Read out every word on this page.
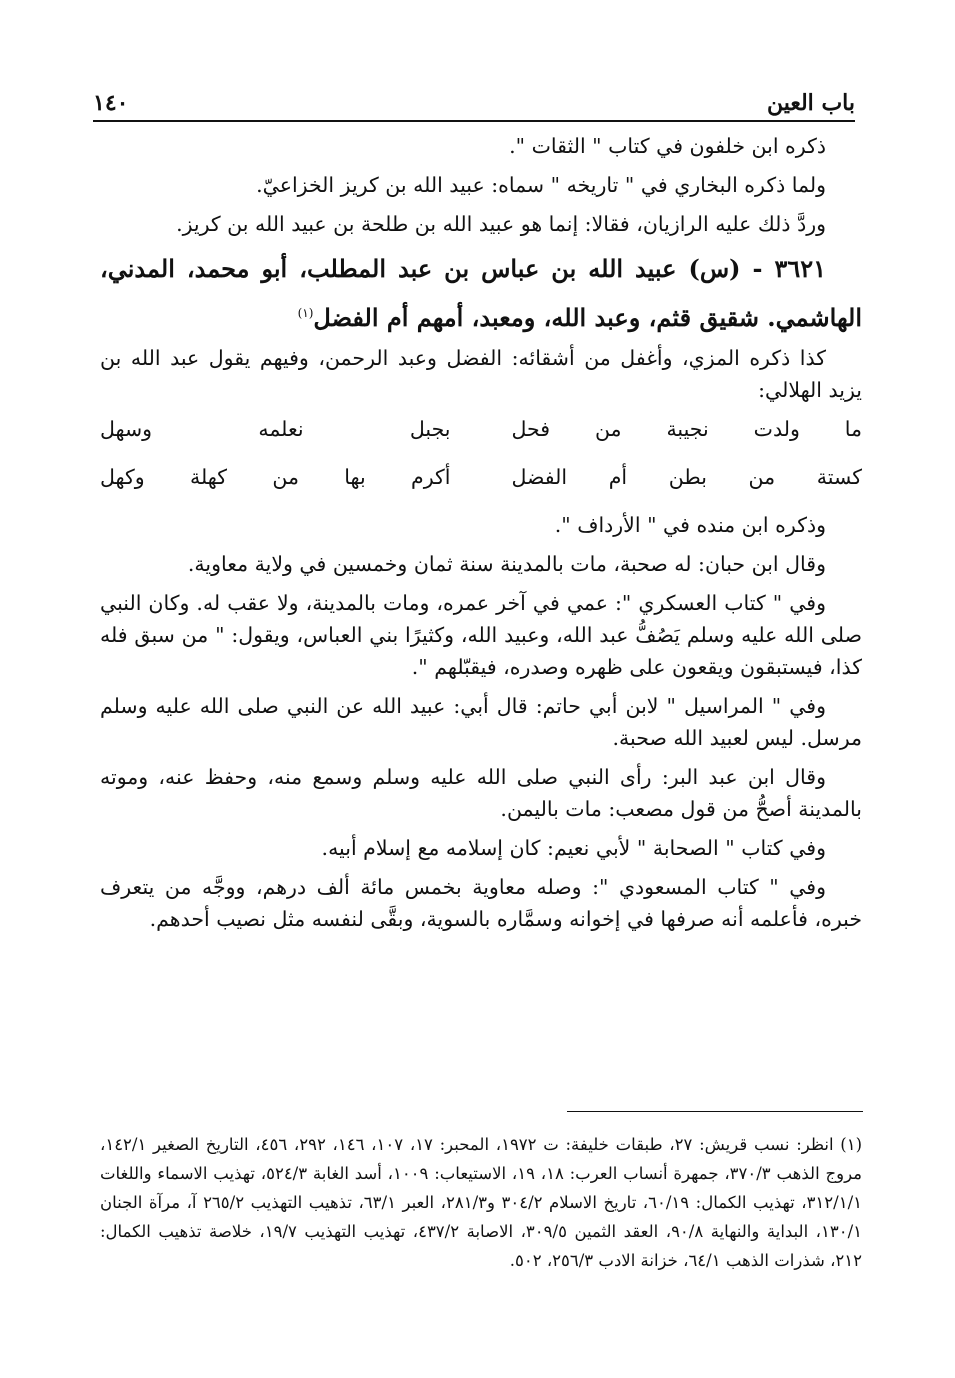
١٤٠	باب العين

ذكره ابن خلفون في كتاب " الثقات ".

ولما ذكره البخاري في " تاريخه " سماه: عبيد الله بن كريز الخزاعيّ.

وردَّ ذلك عليه الرازيان، فقالا: إنما هو عبيد الله بن طلحة بن عبيد الله بن كريز.

٣٦٢١ - (س) عبيد الله بن عباس بن عبد المطلب، أبو محمد، المدني، الهاشمي. شقيق قثم، وعبد الله، ومعبد، أمهم أم الفضل$^{(١)}$

كذا ذكره المزي، وأغفل من أشقائه: الفضل وعبد الرحمن، وفيهم يقول عبد الله بن يزيد الهلالي:

ما ولدت نجيبة من فحل
بجبل نعلمه وسهل
كستة من بطن أم الفضل
أكرم بها من كهلة وكهل

وذكره ابن منده في " الأرداف ".

وقال ابن حبان: له صحبة، مات بالمدينة سنة ثمان وخمسين في ولاية معاوية.

وفي " كتاب العسكري ": عمي في آخر عمره، ومات بالمدينة، ولا عقب له. وكان النبي صلى الله عليه وسلم يَصُفُّ عبد الله، وعبيد الله، وكثيرًا بني العباس، ويقول: " من سبق فله كذا، فيستبقون ويقعون على ظهره وصدره، فيقبّلهم ".

وفي " المراسيل " لابن أبي حاتم: قال أبي: عبيد الله عن النبي صلى الله عليه وسلم مرسل. ليس لعبيد الله صحبة.

وقال ابن عبد البر: رأى النبي صلى الله عليه وسلم وسمع منه، وحفظ عنه، وموته بالمدينة أصحُّ من قول مصعب: مات باليمن.

وفي كتاب " الصحابة " لأبي نعيم: كان إسلامه مع إسلام أبيه.

وفي " كتاب المسعودي ": وصله معاوية بخمس مائة ألف درهم، ووجَّه من يتعرف خبره، فأعلمه أنه صرفها في إخوانه وسمَّاره بالسوية، وبقَّى لنفسه مثل نصيب أحدهم.

(١) انظر: نسب قريش: ٢٧، طبقات خليفة: ت ١٩٧٢، المحبر: ١٧، ١٠٧، ١٤٦، ٢٩٢، ٤٥٦، التاريخ الصغير ١٤٢/١، مروج الذهب ٣٧٠/٣، جمهرة أنساب العرب: ١٨، ١٩، الاستيعاب: ١٠٠٩، أسد الغابة ٥٢٤/٣، تهذيب الاسماء واللغات ٣١٢/١/١، تهذيب الكمال: ٦٠/١٩، تاريخ الاسلام ٣٠٤/٢ و٢٨١/٣، العبر ٦٣/١، تذهيب التهذيب ٢٦٥/٢ آ، مرآة الجنان ١٣٠/١، البداية والنهاية ٩٠/٨، العقد الثمين ٣٠٩/٥، الاصابة ٤٣٧/٢، تهذيب التهذيب ١٩/٧، خلاصة تذهيب الكمال: ٢١٢، شذرات الذهب ٦٤/١، خزانة الادب ٢٥٦/٣، ٥٠٢.
